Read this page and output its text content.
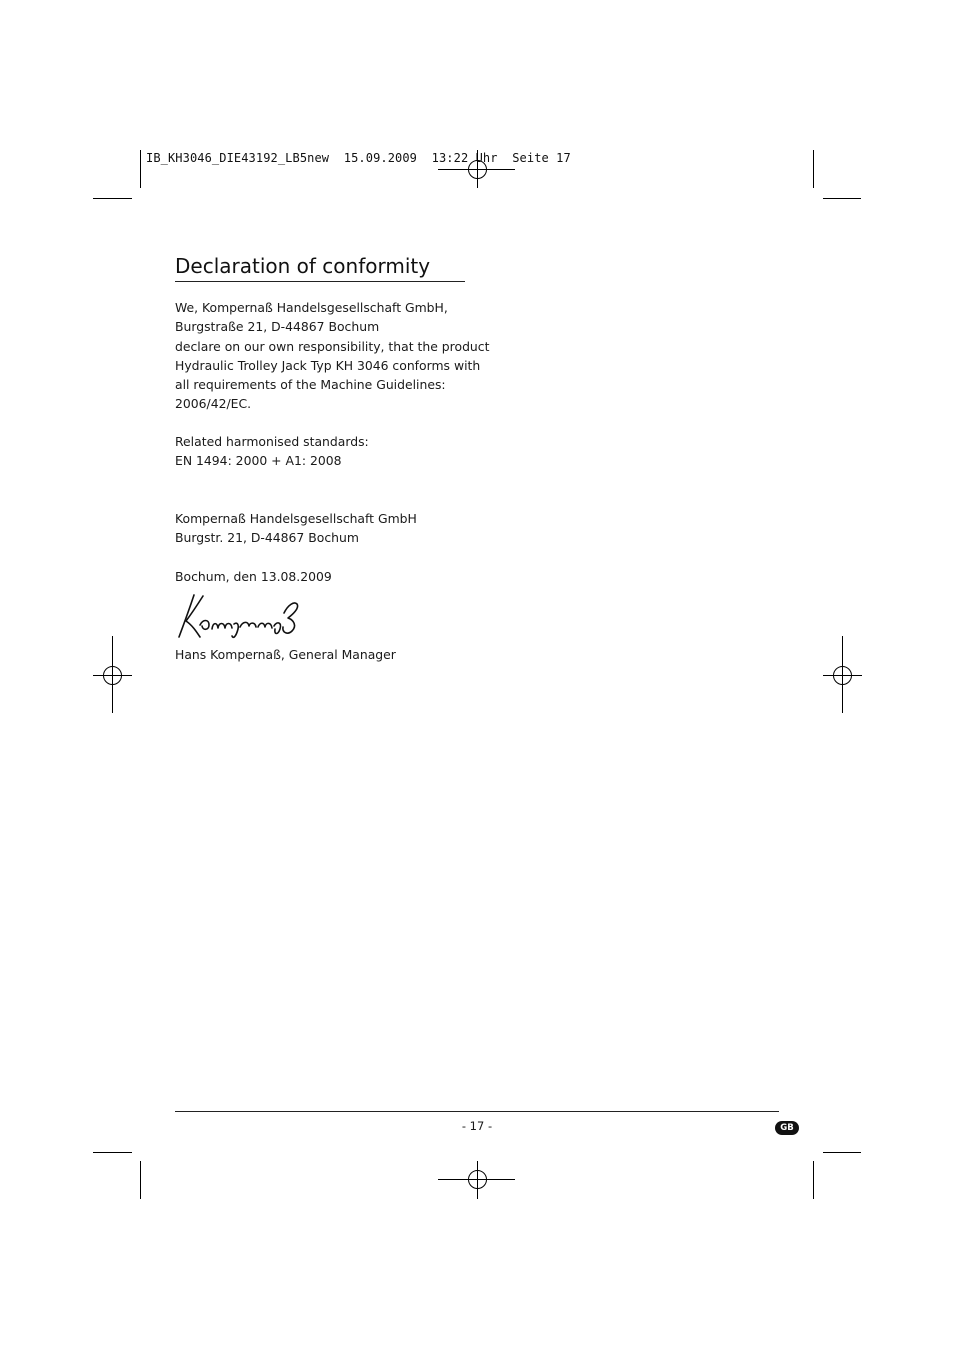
IB_KH3046_DIE43192_LB5new  15.09.2009  13:22 Uhr  Seite 17
Declaration of conformity
We, Kompernaß Handelsgesellschaft GmbH,
Burgstraße 21, D-44867 Bochum
declare on our own responsibility, that the product
Hydraulic Trolley Jack Typ KH 3046 conforms with
all requirements of the Machine Guidelines:
2006/42/EC.
Related harmonised standards:
EN 1494: 2000 + A1: 2008
Kompernaß Handelsgesellschaft GmbH
Burgstr. 21, D-44867 Bochum
Bochum, den 13.08.2009
Hans Kompernaß, General Manager
- 17 -	GB
